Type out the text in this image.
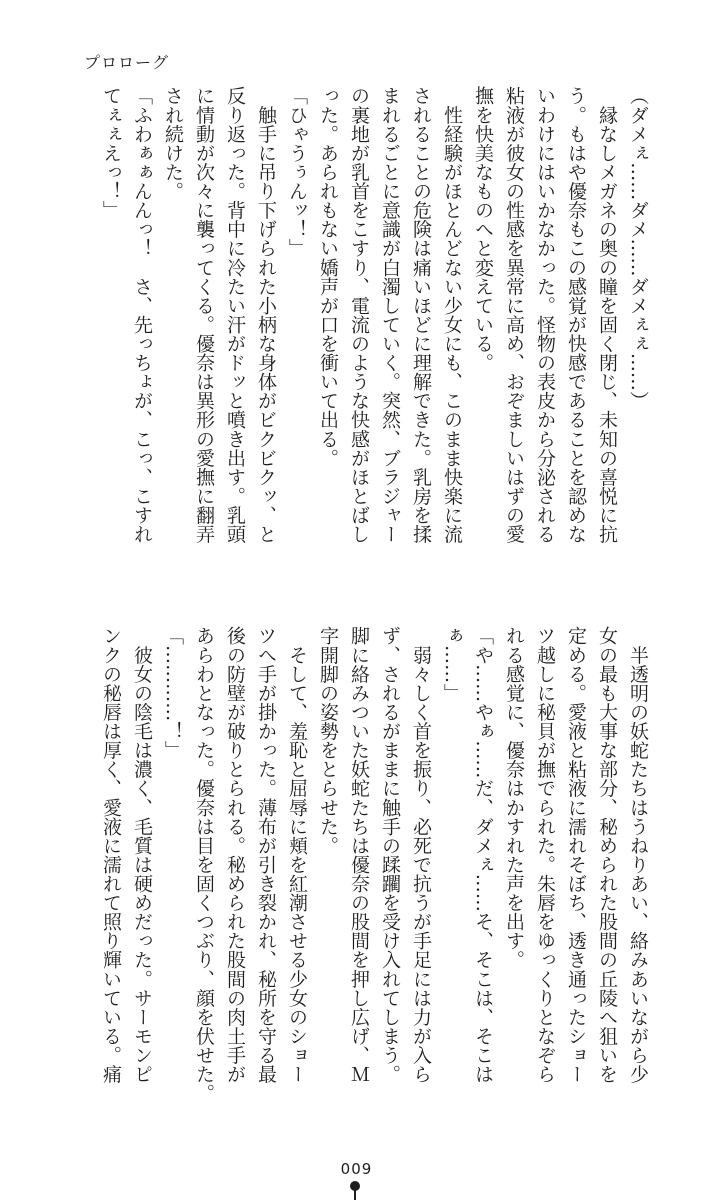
プロローグ
（ダメぇ……ダメ……ダメぇぇ……）
　縁なしメガネの奥の瞳を固く閉じ、未知の喜悦に抗
う。もはや優奈もこの感覚が快感であることを認めな
いわけにはいかなかった。怪物の表皮から分泌される
粘液が彼女の性感を異常に高め、おぞましいはずの愛
撫を快美なものへと変えている。
　性経験がほとんどない少女にも、このまま快楽に流
されることの危険は痛いほどに理解できた。乳房を揉
まれるごとに意識が白濁していく。突然、ブラジャー
の裏地が乳首をこすり、電流のような快感がほとばし
った。あられもない嬌声が口を衝いて出る。
「ひゃうぅんッ！」
　触手に吊り下げられた小柄な身体がビクビクッ、と
反り返った。背中に冷たい汗がドッと噴き出す。乳頭
に情動が次々に襲ってくる。優奈は異形の愛撫に翻弄
され続けた。
「ふわぁぁんんっ！　さ、先っちょが、こっ、こすれ
てぇぇえっ！」
　半透明の妖蛇たちはうねりあい、絡みあいながら少
女の最も大事な部分、秘められた股間の丘陵へ狙いを
定める。愛液と粘液に濡れそぼち、透き通ったショー
ツ越しに秘貝が撫でられた。朱唇をゆっくりとなぞら
れる感覚に、優奈はかすれた声を出す。
「や……やぁ……だ、ダメぇ……そ、そこは、そこは
ぁ……」
　弱々しく首を振り、必死で抗うが手足には力が入ら
ず、されるがままに触手の蹂躙を受け入れてしまう。
脚に絡みついた妖蛇たちは優奈の股間を押し広げ、Ｍ
字開脚の姿勢をとらせた。
　そして、羞恥と屈辱に頬を紅潮させる少女のショー
ツへ手が掛かった。薄布が引き裂かれ、秘所を守る最
後の防壁が破りとられる。秘められた股間の肉土手が
あらわとなった。優奈は目を固くつぶり、顔を伏せた。
「…………！」
　彼女の陰毛は濃く、毛質は硬めだった。サーモンピ
ンクの秘唇は厚く、愛液に濡れて照り輝いている。痛
009
